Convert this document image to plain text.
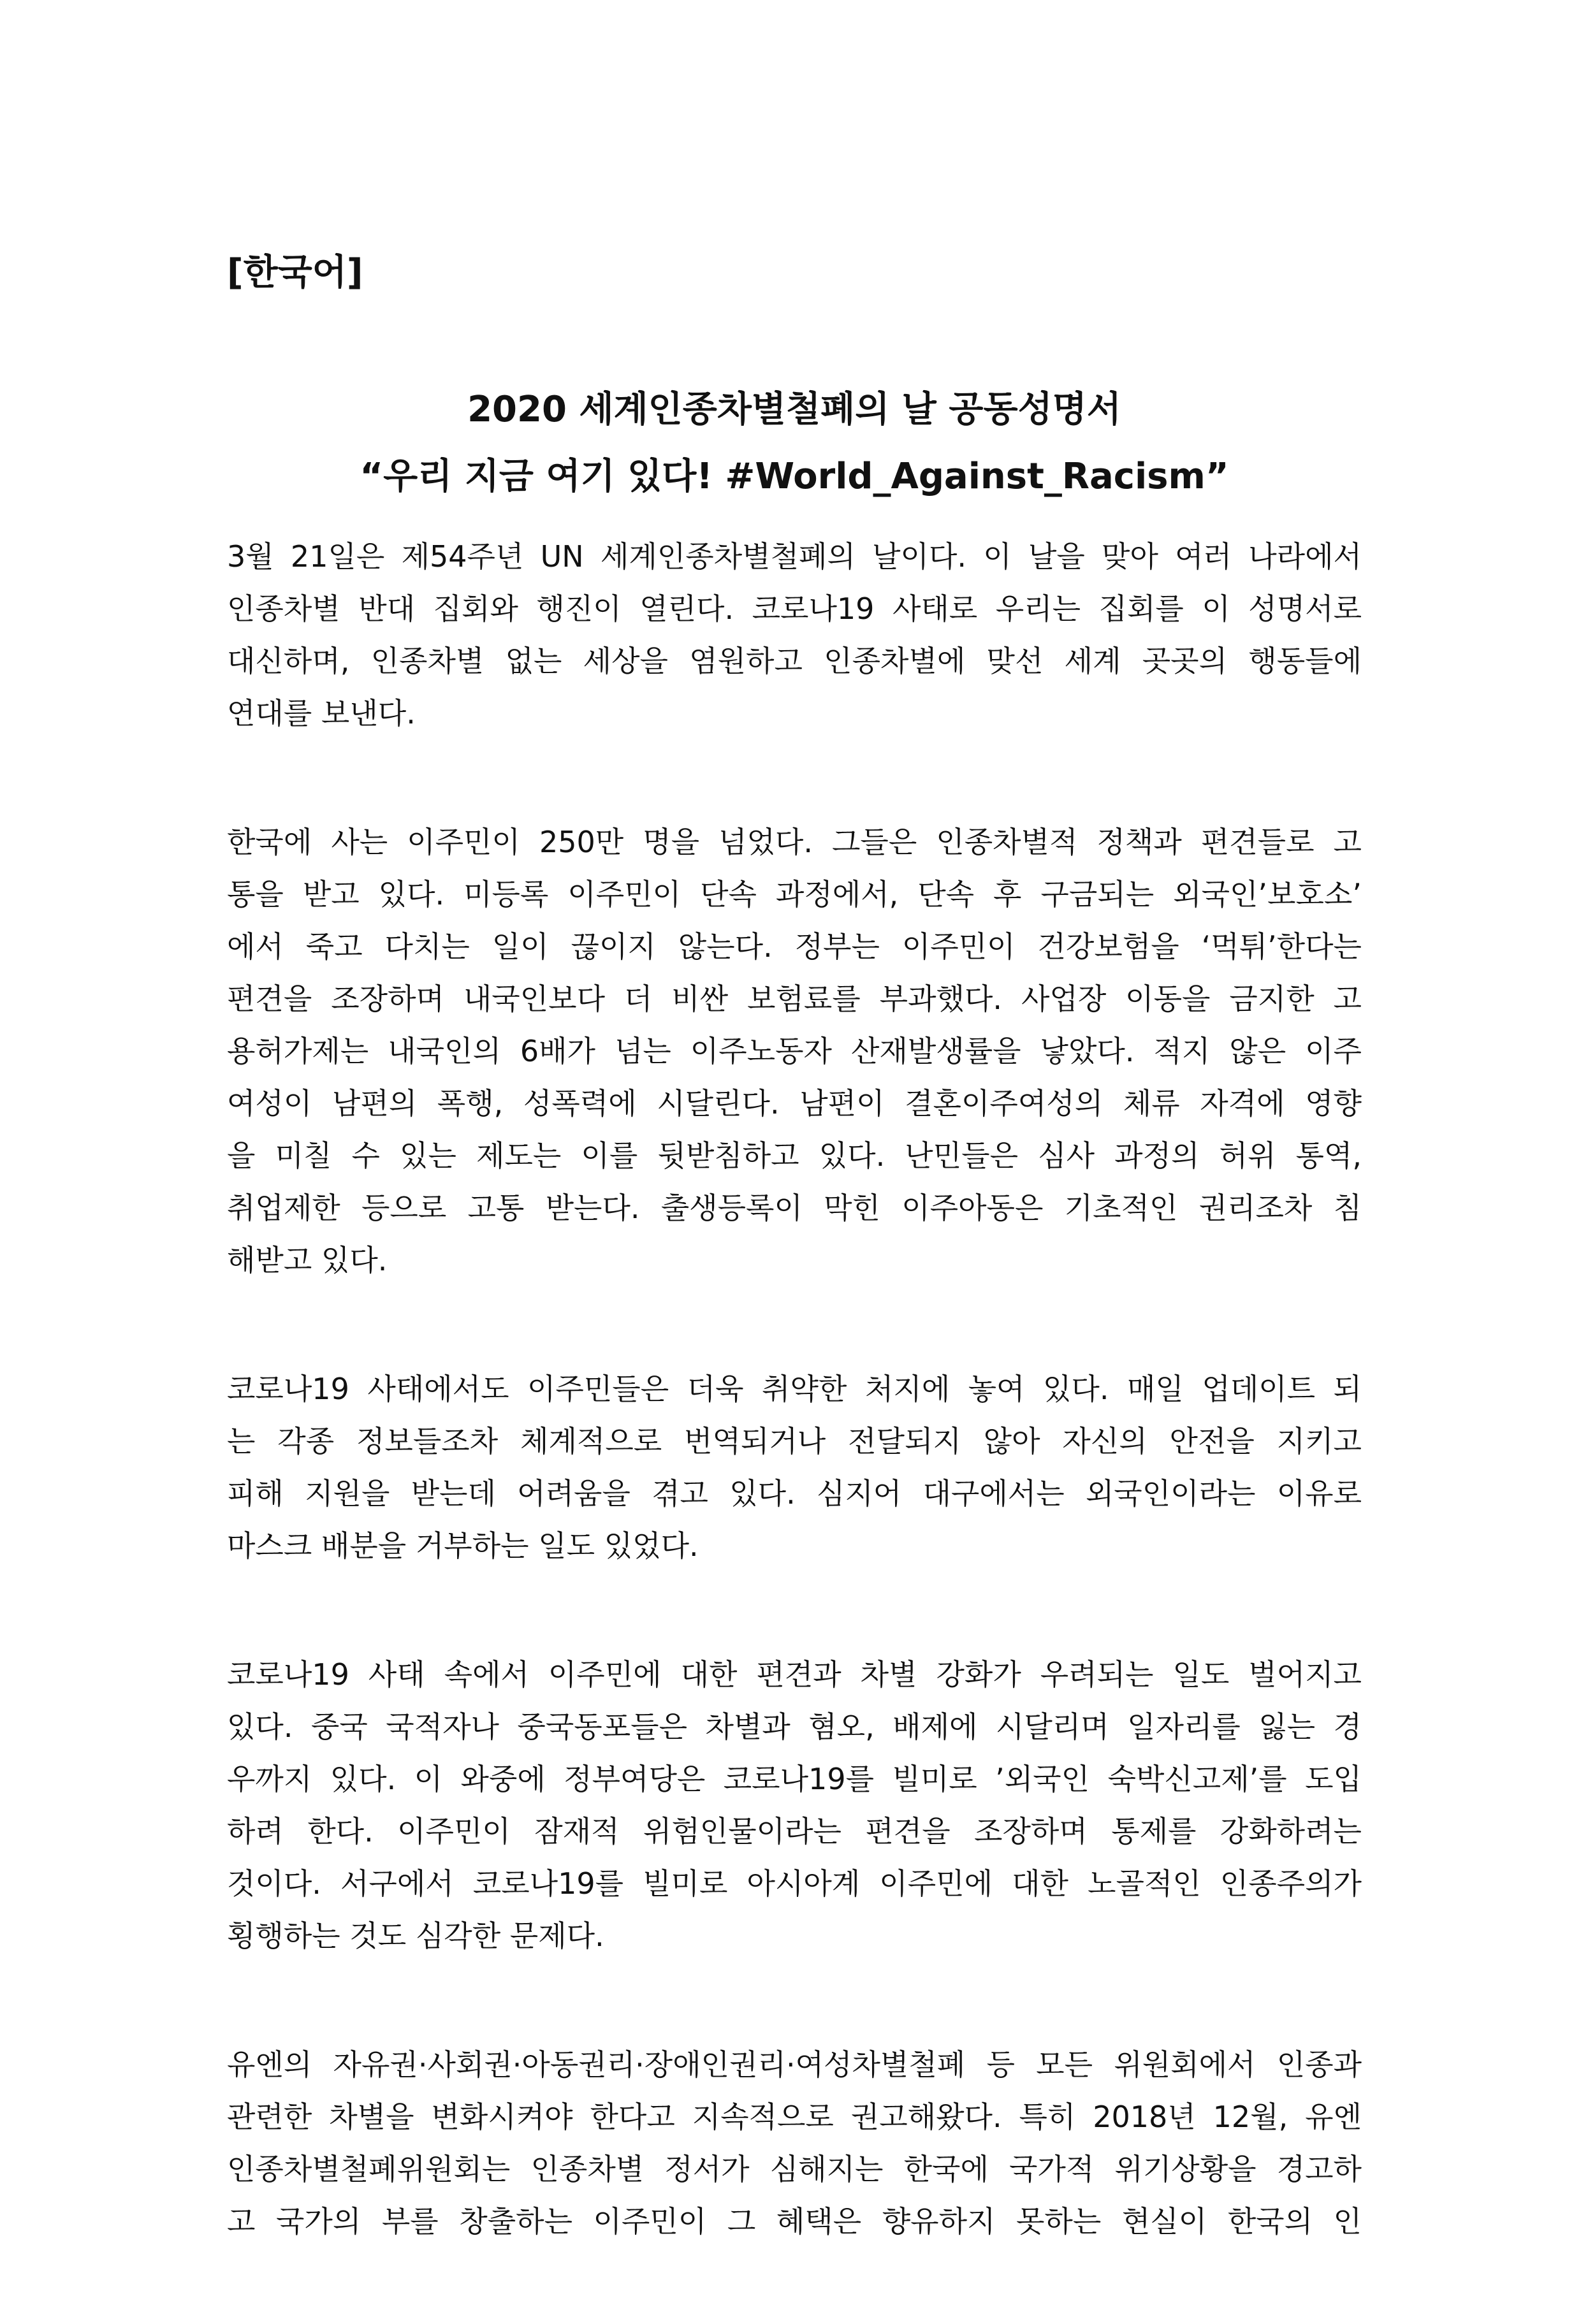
[한국어]
2020 세계인종차별철폐의 날 공동성명서
“우리 지금 여기 있다! #World_Against_Racism”
3월 21일은 제54주년 UN 세계인종차별철폐의 날이다. 이 날을 맞아 여러 나라에서
인종차별 반대 집회와 행진이 열린다. 코로나19 사태로 우리는 집회를 이 성명서로
대신하며, 인종차별 없는 세상을 염원하고 인종차별에 맞선 세계 곳곳의 행동들에
연대를 보낸다.
한국에 사는 이주민이 250만 명을 넘었다. 그들은 인종차별적 정책과 편견들로 고
통을 받고 있다. 미등록 이주민이 단속 과정에서, 단속 후 구금되는 외국인’보호소’
에서 죽고 다치는 일이 끊이지 않는다. 정부는 이주민이 건강보험을 ‘먹튀’한다는
편견을 조장하며 내국인보다 더 비싼 보험료를 부과했다. 사업장 이동을 금지한 고
용허가제는 내국인의 6배가 넘는 이주노동자 산재발생률을 낳았다. 적지 않은 이주
여성이 남편의 폭행, 성폭력에 시달린다. 남편이 결혼이주여성의 체류 자격에 영향
을 미칠 수 있는 제도는 이를 뒷받침하고 있다. 난민들은 심사 과정의 허위 통역,
취업제한 등으로 고통 받는다. 출생등록이 막힌 이주아동은 기초적인 권리조차 침
해받고 있다.
코로나19 사태에서도 이주민들은 더욱 취약한 처지에 놓여 있다. 매일 업데이트 되
는 각종 정보들조차 체계적으로 번역되거나 전달되지 않아 자신의 안전을 지키고
피해 지원을 받는데 어려움을 겪고 있다. 심지어 대구에서는 외국인이라는 이유로
마스크 배분을 거부하는 일도 있었다.
코로나19 사태 속에서 이주민에 대한 편견과 차별 강화가 우려되는 일도 벌어지고
있다. 중국 국적자나 중국동포들은 차별과 혐오, 배제에 시달리며 일자리를 잃는 경
우까지 있다. 이 와중에 정부여당은 코로나19를 빌미로 ’외국인 숙박신고제’를 도입
하려 한다. 이주민이 잠재적 위험인물이라는 편견을 조장하며 통제를 강화하려는
것이다. 서구에서 코로나19를 빌미로 아시아계 이주민에 대한 노골적인 인종주의가
횡행하는 것도 심각한 문제다.
유엔의 자유권·사회권·아동권리·장애인권리·여성차별철폐 등 모든 위원회에서 인종과
관련한 차별을 변화시켜야 한다고 지속적으로 권고해왔다. 특히 2018년 12월, 유엔
인종차별철폐위원회는 인종차별 정서가 심해지는 한국에 국가적 위기상황을 경고하
고 국가의 부를 창출하는 이주민이 그 혜택은 향유하지 못하는 현실이 한국의 인
